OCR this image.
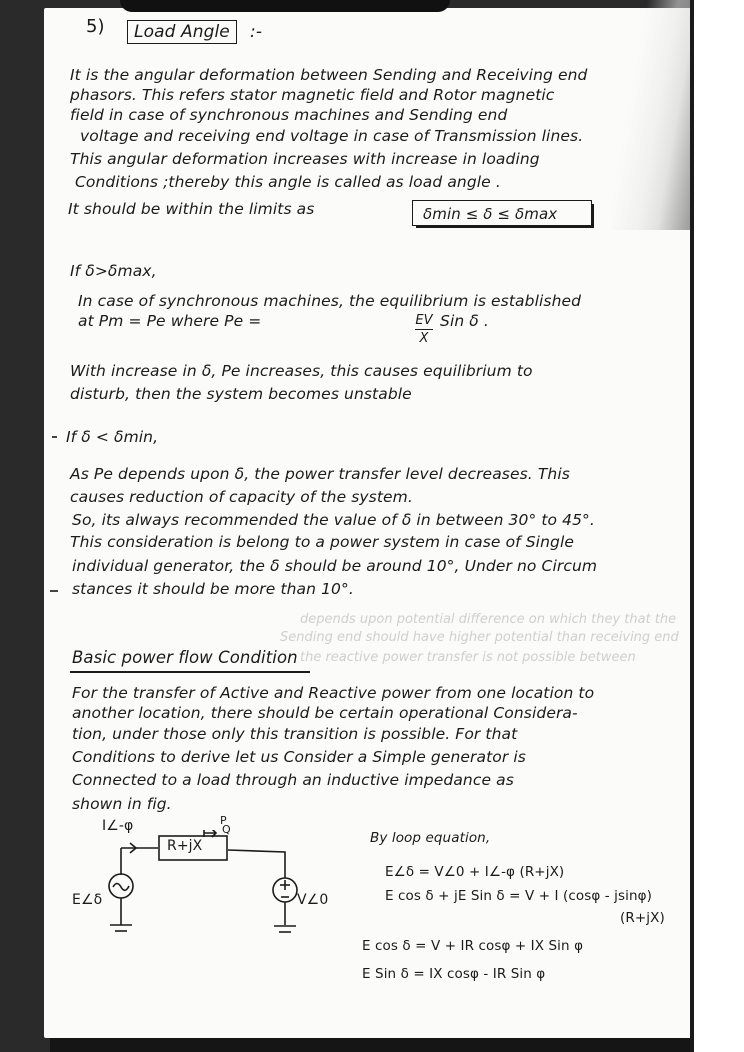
depends upon potential difference on which they that the
Sending end should have higher potential than receiving end
the reactive power transfer is not possible between
5)	Load Angle	:-
It is the angular deformation between Sending and Receiving end
phasors. This refers stator magnetic field and Rotor magnetic
field in case of synchronous machines and Sending end
voltage and receiving end voltage in case of Transmission lines.
This angular deformation increases with increase in loading
Conditions ;thereby this angle is called as load angle .
It should be within the limits as	δmin ≤ δ ≤ δmax
If δ>δmax,
In case of synchronous machines, the equilibrium is established
at Pm = Pe where Pe =	EV
X
Sin δ .
With increase in δ, Pe increases, this causes equilibrium to
disturb, then the system becomes unstable
If δ < δmin,
As Pe depends upon δ, the power transfer level decreases. This
causes reduction of capacity of the system.
So, its always recommended the value of δ in between 30° to 45°.
This consideration is belong to a power system in case of Single
individual generator, the δ should be around 10°, Under no Circum
stances it should be more than 10°.
Basic power flow Condition
For the transfer of Active and Reactive power from one location to
another location, there should be certain operational Considera-
tion, under those only this transition is possible. For that
Conditions to derive let us Consider a Simple generator is
Connected to a load through an inductive impedance as
shown in fig.
I∠-φ
R+jX
P
Q
E∠δ	V∠0
By loop equation,
E∠δ = V∠0 + I∠-φ (R+jX)
E cos δ + jE Sin δ = V + I (cosφ - jsinφ)
(R+jX)
E cos δ = V + IR cosφ + IX Sin φ
E Sin δ = IX cosφ - IR Sin φ
